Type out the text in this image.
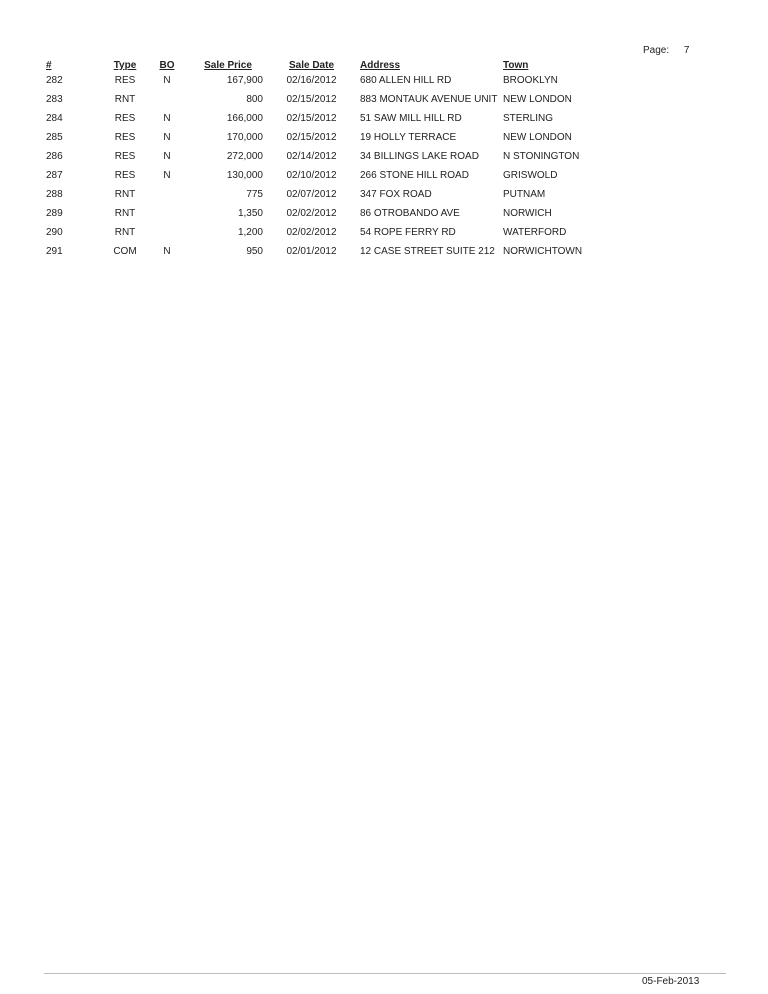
Page: 7
#	Type	BO	Sale Price	Sale Date	Address	Town
282	RES	N	167,900	02/16/2012	680 ALLEN HILL RD	BROOKLYN
283	RNT		800	02/15/2012	883 MONTAUK AVENUE UNIT	NEW LONDON
284	RES	N	166,000	02/15/2012	51 SAW MILL HILL RD	STERLING
285	RES	N	170,000	02/15/2012	19 HOLLY TERRACE	NEW LONDON
286	RES	N	272,000	02/14/2012	34 BILLINGS LAKE ROAD	N STONINGTON
287	RES	N	130,000	02/10/2012	266 STONE HILL ROAD	GRISWOLD
288	RNT		775	02/07/2012	347 FOX ROAD	PUTNAM
289	RNT		1,350	02/02/2012	86 OTROBANDO AVE	NORWICH
290	RNT		1,200	02/02/2012	54 ROPE FERRY RD	WATERFORD
291	COM	N	950	02/01/2012	12 CASE STREET SUITE 212	NORWICHTOWN
05-Feb-2013
